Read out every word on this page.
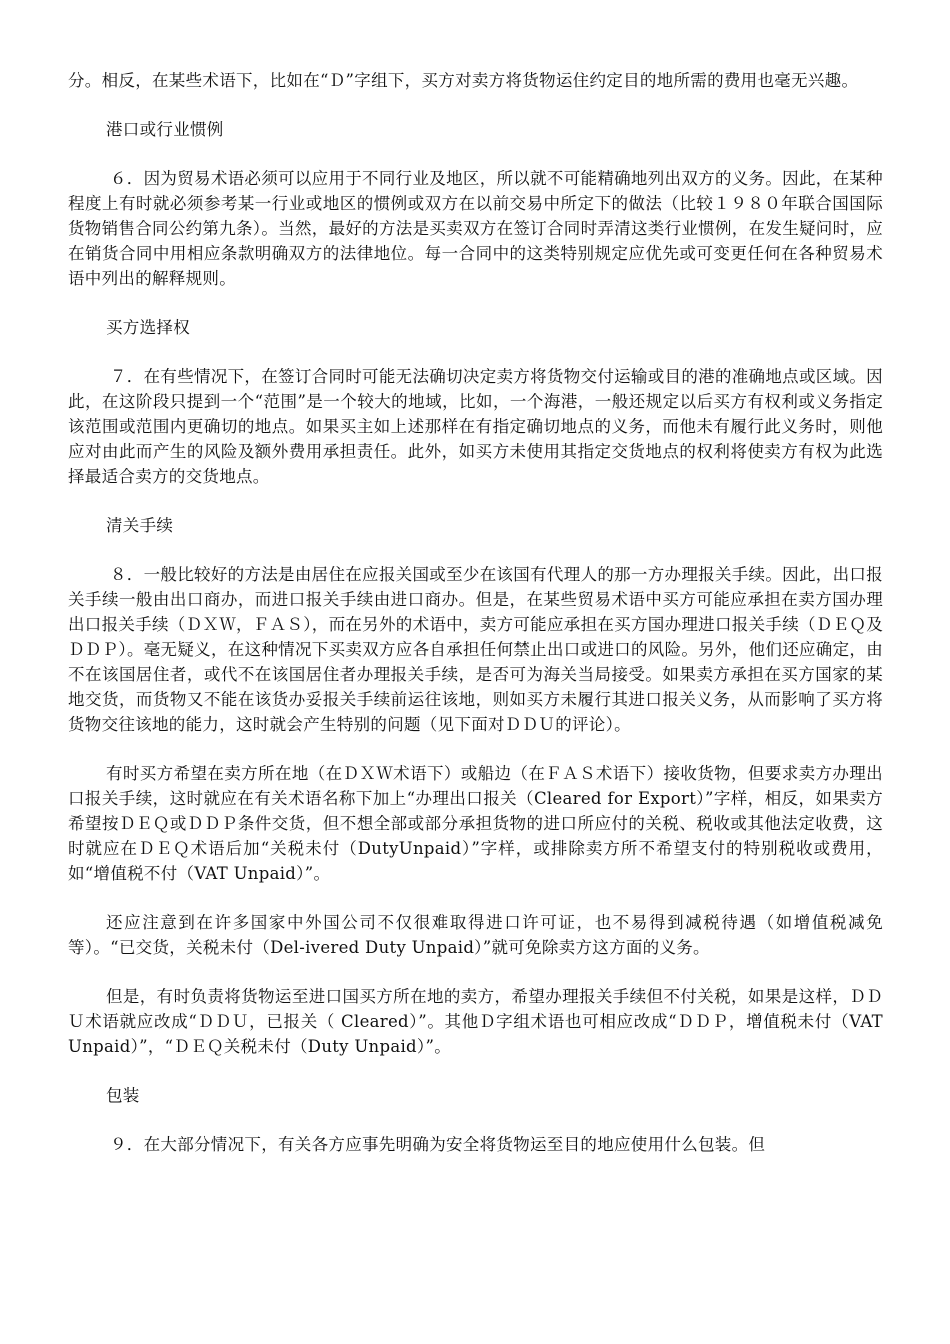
分。相反，在某些术语下，比如在“Ｄ”字组下，买方对卖方将货物运住约定目的地所需的费用也毫无兴趣。

港口或行业惯例

６．因为贸易术语必须可以应用于不同行业及地区，所以就不可能精确地列出双方的义务。因此，在某种程度上有时就必须参考某一行业或地区的惯例或双方在以前交易中所定下的做法（比较１９８０年联合国国际货物销售合同公约第九条）。当然，最好的方法是买卖双方在签订合同时弄清这类行业惯例，在发生疑问时，应在销货合同中用相应条款明确双方的法律地位。每一合同中的这类特别规定应优先或可变更任何在各种贸易术语中列出的解释规则。

买方选择权

７．在有些情况下，在签订合同时可能无法确切决定卖方将货物交付运输或目的港的准确地点或区域。因此，在这阶段只提到一个“范围”是一个较大的地域，比如，一个海港，一般还规定以后买方有权利或义务指定该范围或范围内更确切的地点。如果买主如上述那样在有指定确切地点的义务，而他未有履行此义务时，则他应对由此而产生的风险及额外费用承担责任。此外，如买方未使用其指定交货地点的权利将使卖方有权为此选择最适合卖方的交货地点。

清关手续

８．一般比较好的方法是由居住在应报关国或至少在该国有代理人的那一方办理报关手续。因此，出口报关手续一般由出口商办，而进口报关手续由进口商办。但是，在某些贸易术语中买方可能应承担在卖方国办理出口报关手续（ＤＸＷ，ＦＡＳ），而在另外的术语中，卖方可能应承担在买方国办理进口报关手续（ＤＥＱ及ＤＤＰ）。毫无疑义，在这种情况下买卖双方应各自承担任何禁止出口或进口的风险。另外，他们还应确定，由不在该国居住者，或代不在该国居住者办理报关手续，是否可为海关当局接受。如果卖方承担在买方国家的某地交货，而货物又不能在该货办妥报关手续前运往该地，则如买方未履行其进口报关义务，从而影响了买方将货物交往该地的能力，这时就会产生特别的问题（见下面对ＤＤＵ的评论）。

有时买方希望在卖方所在地（在ＤＸＷ术语下）或船边（在ＦＡＳ术语下）接收货物，但要求卖方办理出口报关手续，这时就应在有关术语名称下加上“办理出口报关（Cleared for Export）”字样，相反，如果卖方希望按ＤＥＱ或ＤＤＰ条件交货，但不想全部或部分承担货物的进口所应付的关税、税收或其他法定收费，这时就应在ＤＥＱ术语后加“关税未付（DutyUnpaid）”字样，或排除卖方所不希望支付的特别税收或费用，如“增值税不付（VAT Unpaid）”。

还应注意到在许多国家中外国公司不仅很难取得进口许可证，也不易得到减税待遇（如增值税减免等）。“已交货，关税未付（Del-ivered Duty Unpaid）”就可免除卖方这方面的义务。

但是，有时负责将货物运至进口国买方所在地的卖方，希望办理报关手续但不付关税，如果是这样，ＤＤＵ术语就应改成“ＤＤＵ，已报关（ Cleared）”。其他Ｄ字组术语也可相应改成“ＤＤＰ，增值税未付（VAT Unpaid）”，“ＤＥＱ关税未付（Duty Unpaid）”。

包装

９．在大部分情况下，有关各方应事先明确为安全将货物运至目的地应使用什么包装。但
